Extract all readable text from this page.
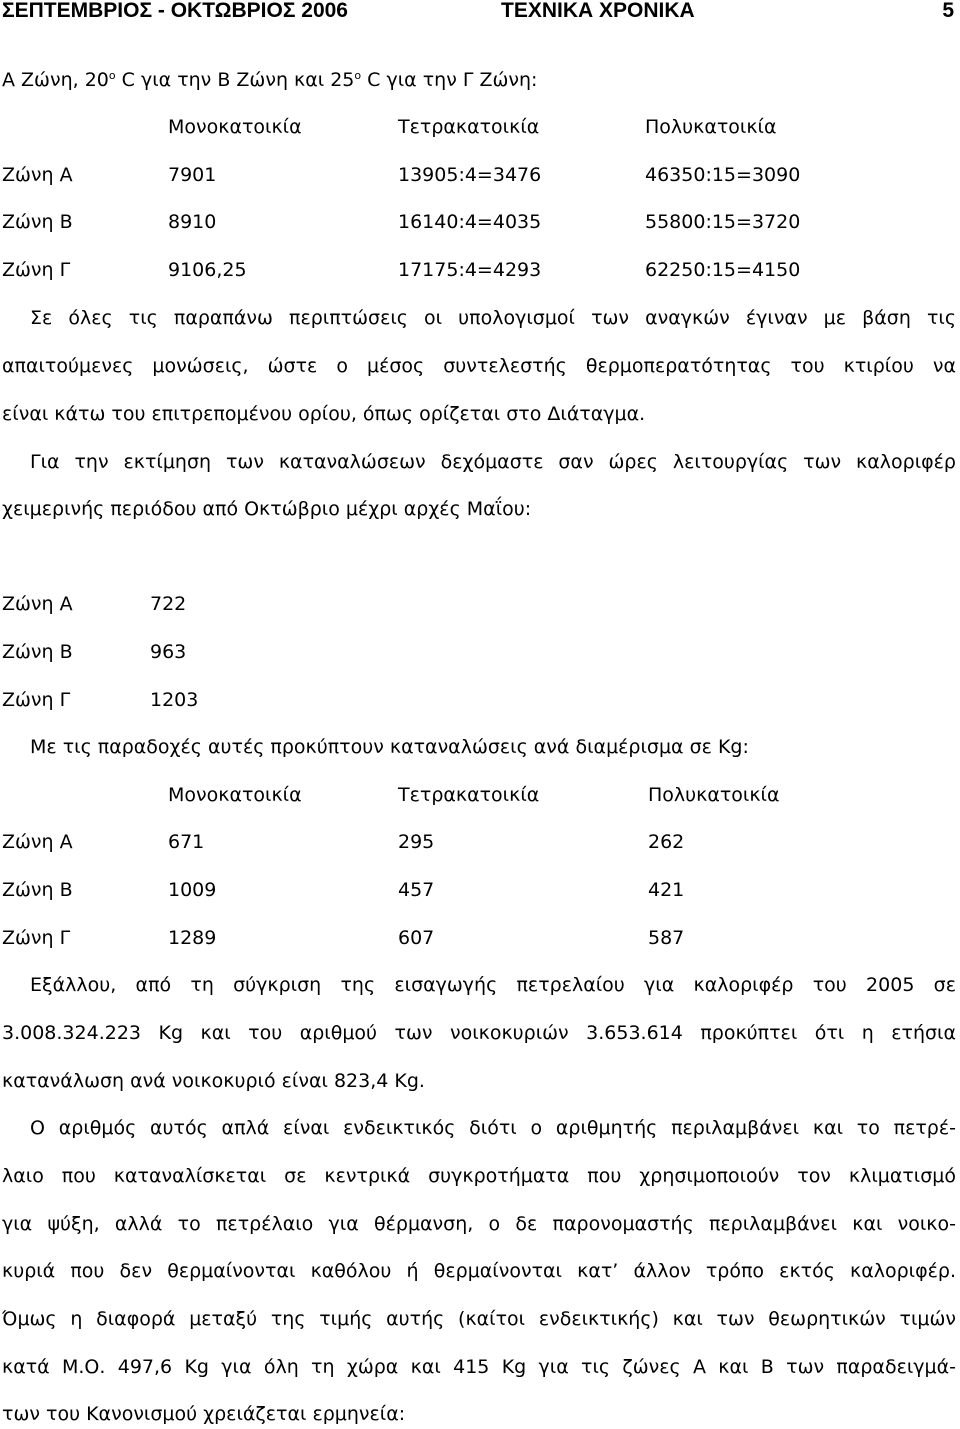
ΣΕΠΤΕΜΒΡΙΟΣ - ΟΚΤΩΒΡΙΟΣ 2006	ΤΕΧΝΙΚΑ ΧΡΟΝΙΚΑ	5
Α Ζώνη, $20^o$ C για την Β Ζώνη και $25^o$ C για την Γ Ζώνη:
Μονοκατοικία	Τετρακατοικία	Πολυκατοικία
Ζώνη Α	7901	13905:4=3476	46350:15=3090
Ζώνη Β	8910	16140:4=4035	55800:15=3720
Ζώνη Γ	9106,25	17175:4=4293	62250:15=4150
Σε όλες τις παραπάνω περιπτώσεις οι υπολογισμοί των αναγκών έγιναν με βάση τις
απαιτούμενες μονώσεις, ώστε ο μέσος συντελεστής θερμοπερατότητας του κτιρίου να
είναι κάτω του επιτρεπομένου ορίου, όπως ορίζεται στο Διάταγμα.
Για την εκτίμηση των καταναλώσεων δεχόμαστε σαν ώρες λειτουργίας των καλοριφέρ
χειμερινής περιόδου από Οκτώβριο μέχρι αρχές Μαΐου:
Ζώνη Α	722
Ζώνη Β	963
Ζώνη Γ	1203
Με τις παραδοχές αυτές προκύπτουν καταναλώσεις ανά διαμέρισμα σε Kg:
Μονοκατοικία	Τετρακατοικία	Πολυκατοικία
Ζώνη Α	671	295	262
Ζώνη Β	1009	457	421
Ζώνη Γ	1289	607	587
Εξάλλου, από τη σύγκριση της εισαγωγής πετρελαίου για καλοριφέρ του 2005 σε
3.008.324.223 Kg και του αριθμού των νοικοκυριών 3.653.614 προκύπτει ότι η ετήσια
κατανάλωση ανά νοικοκυριό είναι 823,4 Kg.
Ο αριθμός αυτός απλά είναι ενδεικτικός διότι ο αριθμητής περιλαμβάνει και το πετρέ-
λαιο που καταναλίσκεται σε κεντρικά συγκροτήματα που χρησιμοποιούν τον κλιματισμό
για ψύξη, αλλά το πετρέλαιο για θέρμανση, ο δε παρονομαστής περιλαμβάνει και νοικο-
κυριά που δεν θερμαίνονται καθόλου ή θερμαίνονται κατ’ άλλον τρόπο εκτός καλοριφέρ.
Όμως η διαφορά μεταξύ της τιμής αυτής (καίτοι ενδεικτικής) και των θεωρητικών τιμών
κατά Μ.Ο. 497,6 Kg για όλη τη χώρα και 415 Kg για τις ζώνες Α και Β των παραδειγμά-
των του Κανονισμού χρειάζεται ερμηνεία:
